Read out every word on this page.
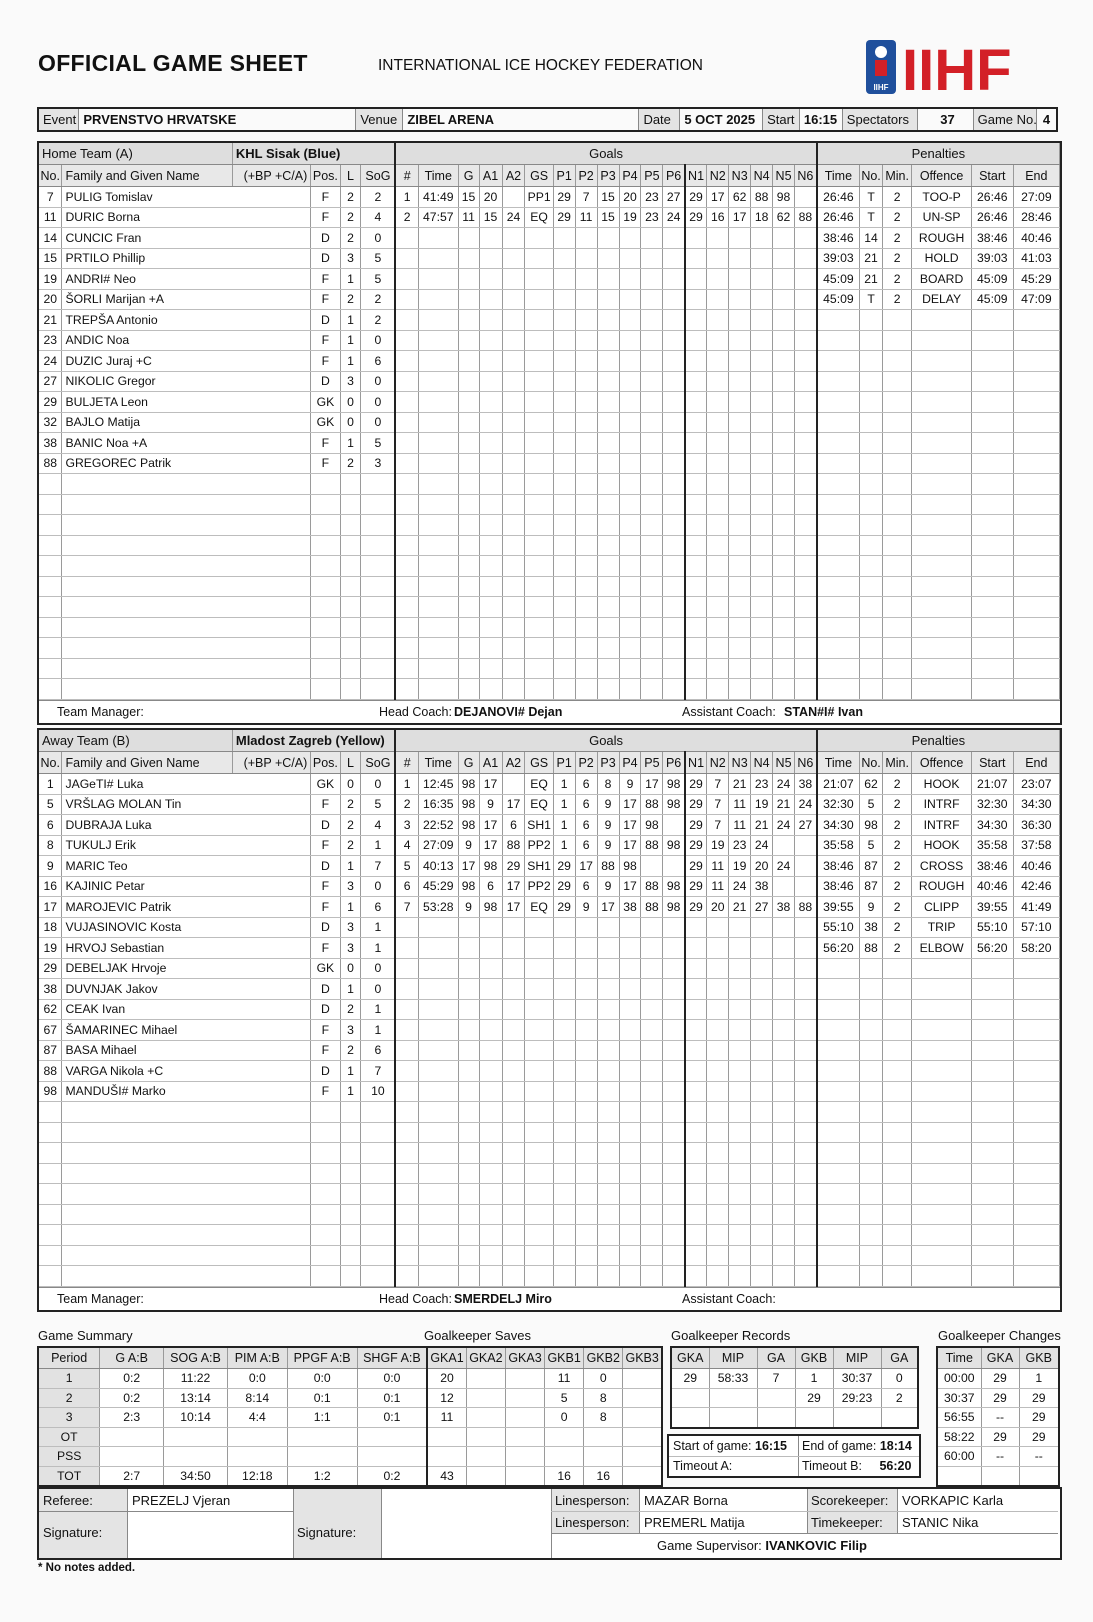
OFFICIAL GAME SHEET	INTERNATIONAL ICE HOCKEY FEDERATION
IIHF IIHF
Event	PRVENSTVO HRVATSKE	Venue	ZIBEL ARENA	Date	5 OCT 2025	Start	16:15	Spectators	37	Game No.	4
Home Team (A)		KHL Sisak (Blue)				Goals																		Penalties					
No.	Family and Given Name	(+BP +C/A)	Pos.	L	SoG	#	Time	G	A1	A2	GS	P1	P2	P3	P4	P5	P6	N1	N2	N3	N4	N5	N6	Time	No.	Min.	Offence	Start	End
7	PULIG Tomislav		F	2	2	1	41:49	15	20		PP1	29	7	15	20	23	27	29	17	62	88	98		26:46	T	2	TOO-P	26:46	27:09
11	DURIC Borna		F	2	4	2	47:57	11	15	24	EQ	29	11	15	19	23	24	29	16	17	18	62	88	26:46	T	2	UN-SP	26:46	28:46
14	CUNCIC Fran		D	2	0																			38:46	14	2	ROUGH	38:46	40:46
15	PRTILO Phillip		D	3	5																			39:03	21	2	HOLD	39:03	41:03
19	ANDRI# Neo		F	1	5																			45:09	21	2	BOARD	45:09	45:29
20	ŠORLI Marijan +A		F	2	2																			45:09	T	2	DELAY	45:09	47:09
21	TREPŠA Antonio		D	1	2																								
23	ANDIC Noa		F	1	0																								
24	DUZIC Juraj +C		F	1	6																								
27	NIKOLIC Gregor		D	3	0																								
29	BULJETA Leon		GK	0	0																								
32	BAJLO Matija		GK	0	0																								
38	BANIC Noa +A		F	1	5																								
88	GREGOREC Patrik		F	2	3																								

Team Manager:	Head Coach: DEJANOVI# Dejan	Assistant Coach: STAN#I# Ivan
Away Team (B)		Mladost Zagreb (Yellow)				Goals																		Penalties					
No.	Family and Given Name	(+BP +C/A)	Pos.	L	SoG	#	Time	G	A1	A2	GS	P1	P2	P3	P4	P5	P6	N1	N2	N3	N4	N5	N6	Time	No.	Min.	Offence	Start	End
1	JAGeTI# Luka		GK	0	0	1	12:45	98	17		EQ	1	6	8	9	17	98	29	7	21	23	24	38	21:07	62	2	HOOK	21:07	23:07
5	VRŠLAG MOLAN Tin		F	2	5	2	16:35	98	9	17	EQ	1	6	9	17	88	98	29	7	11	19	21	24	32:30	5	2	INTRF	32:30	34:30
6	DUBRAJA Luka		D	2	4	3	22:52	98	17	6	SH1	1	6	9	17	98		29	7	11	21	24	27	34:30	98	2	INTRF	34:30	36:30
8	TUKULJ Erik		F	2	1	4	27:09	9	17	88	PP2	1	6	9	17	88	98	29	19	23	24			35:58	5	2	HOOK	35:58	37:58
9	MARIC Teo		D	1	7	5	40:13	17	98	29	SH1	29	17	88	98			29	11	19	20	24		38:46	87	2	CROSS	38:46	40:46
16	KAJINIC Petar		F	3	0	6	45:29	98	6	17	PP2	29	6	9	17	88	98	29	11	24	38			38:46	87	2	ROUGH	40:46	42:46
17	MAROJEVIC Patrik		F	1	6	7	53:28	9	98	17	EQ	29	9	17	38	88	98	29	20	21	27	38	88	39:55	9	2	CLIPP	39:55	41:49
18	VUJASINOVIC Kosta		D	3	1																			55:10	38	2	TRIP	55:10	57:10
19	HRVOJ Sebastian		F	3	1																			56:20	88	2	ELBOW	56:20	58:20
29	DEBELJAK Hrvoje		GK	0	0																								
38	DUVNJAK Jakov		D	1	0																								
62	CEAK Ivan		D	2	1																								
67	ŠAMARINEC Mihael		F	3	1																								
87	BASA Mihael		F	2	6																								
88	VARGA Nikola +C		D	1	7																								
98	MANDUŠI# Marko		F	1	10																								

Team Manager:	Head Coach: SMERDELJ Miro	Assistant Coach:
Game Summary	Goalkeeper Saves	Goalkeeper Records	Goalkeeper Changes
Period	G A:B	SOG A:B	PIM A:B	PPGF A:B	SHGF A:B	GKA1	GKA2	GKA3	GKB1	GKB2	GKB3
1	0:2	11:22	0:0	0:0	0:0	20			11	0	
2	0:2	13:14	8:14	0:1	0:1	12			5	8	
3	2:3	10:14	4:4	1:1	0:1	11			0	8	
OT											
PSS											
TOT	2:7	34:50	12:18	1:2	0:2	43			16	16	
GKA	MIP	GA	GKB	MIP	GA
29	58:33	7	1	30:37	0
			29	29:23	2

Start of game: 16:15 End of game: 18:14
Timeout A:	Timeout B: 56:20
Time	GKA	GKB
00:00	29	1
30:37	29	29
56:55	--	29
58:22	29	29
60:00	--	--

Referee:	PREZELJ Vjeran
Signature:	Signature:
Linesperson: MAZAR Borna
Linesperson: PREMERL Matija
Scorekeeper: VORKAPIC Karla
Timekeeper: STANIC Nika
Game Supervisor: IVANKOVIC Filip
* No notes added.
